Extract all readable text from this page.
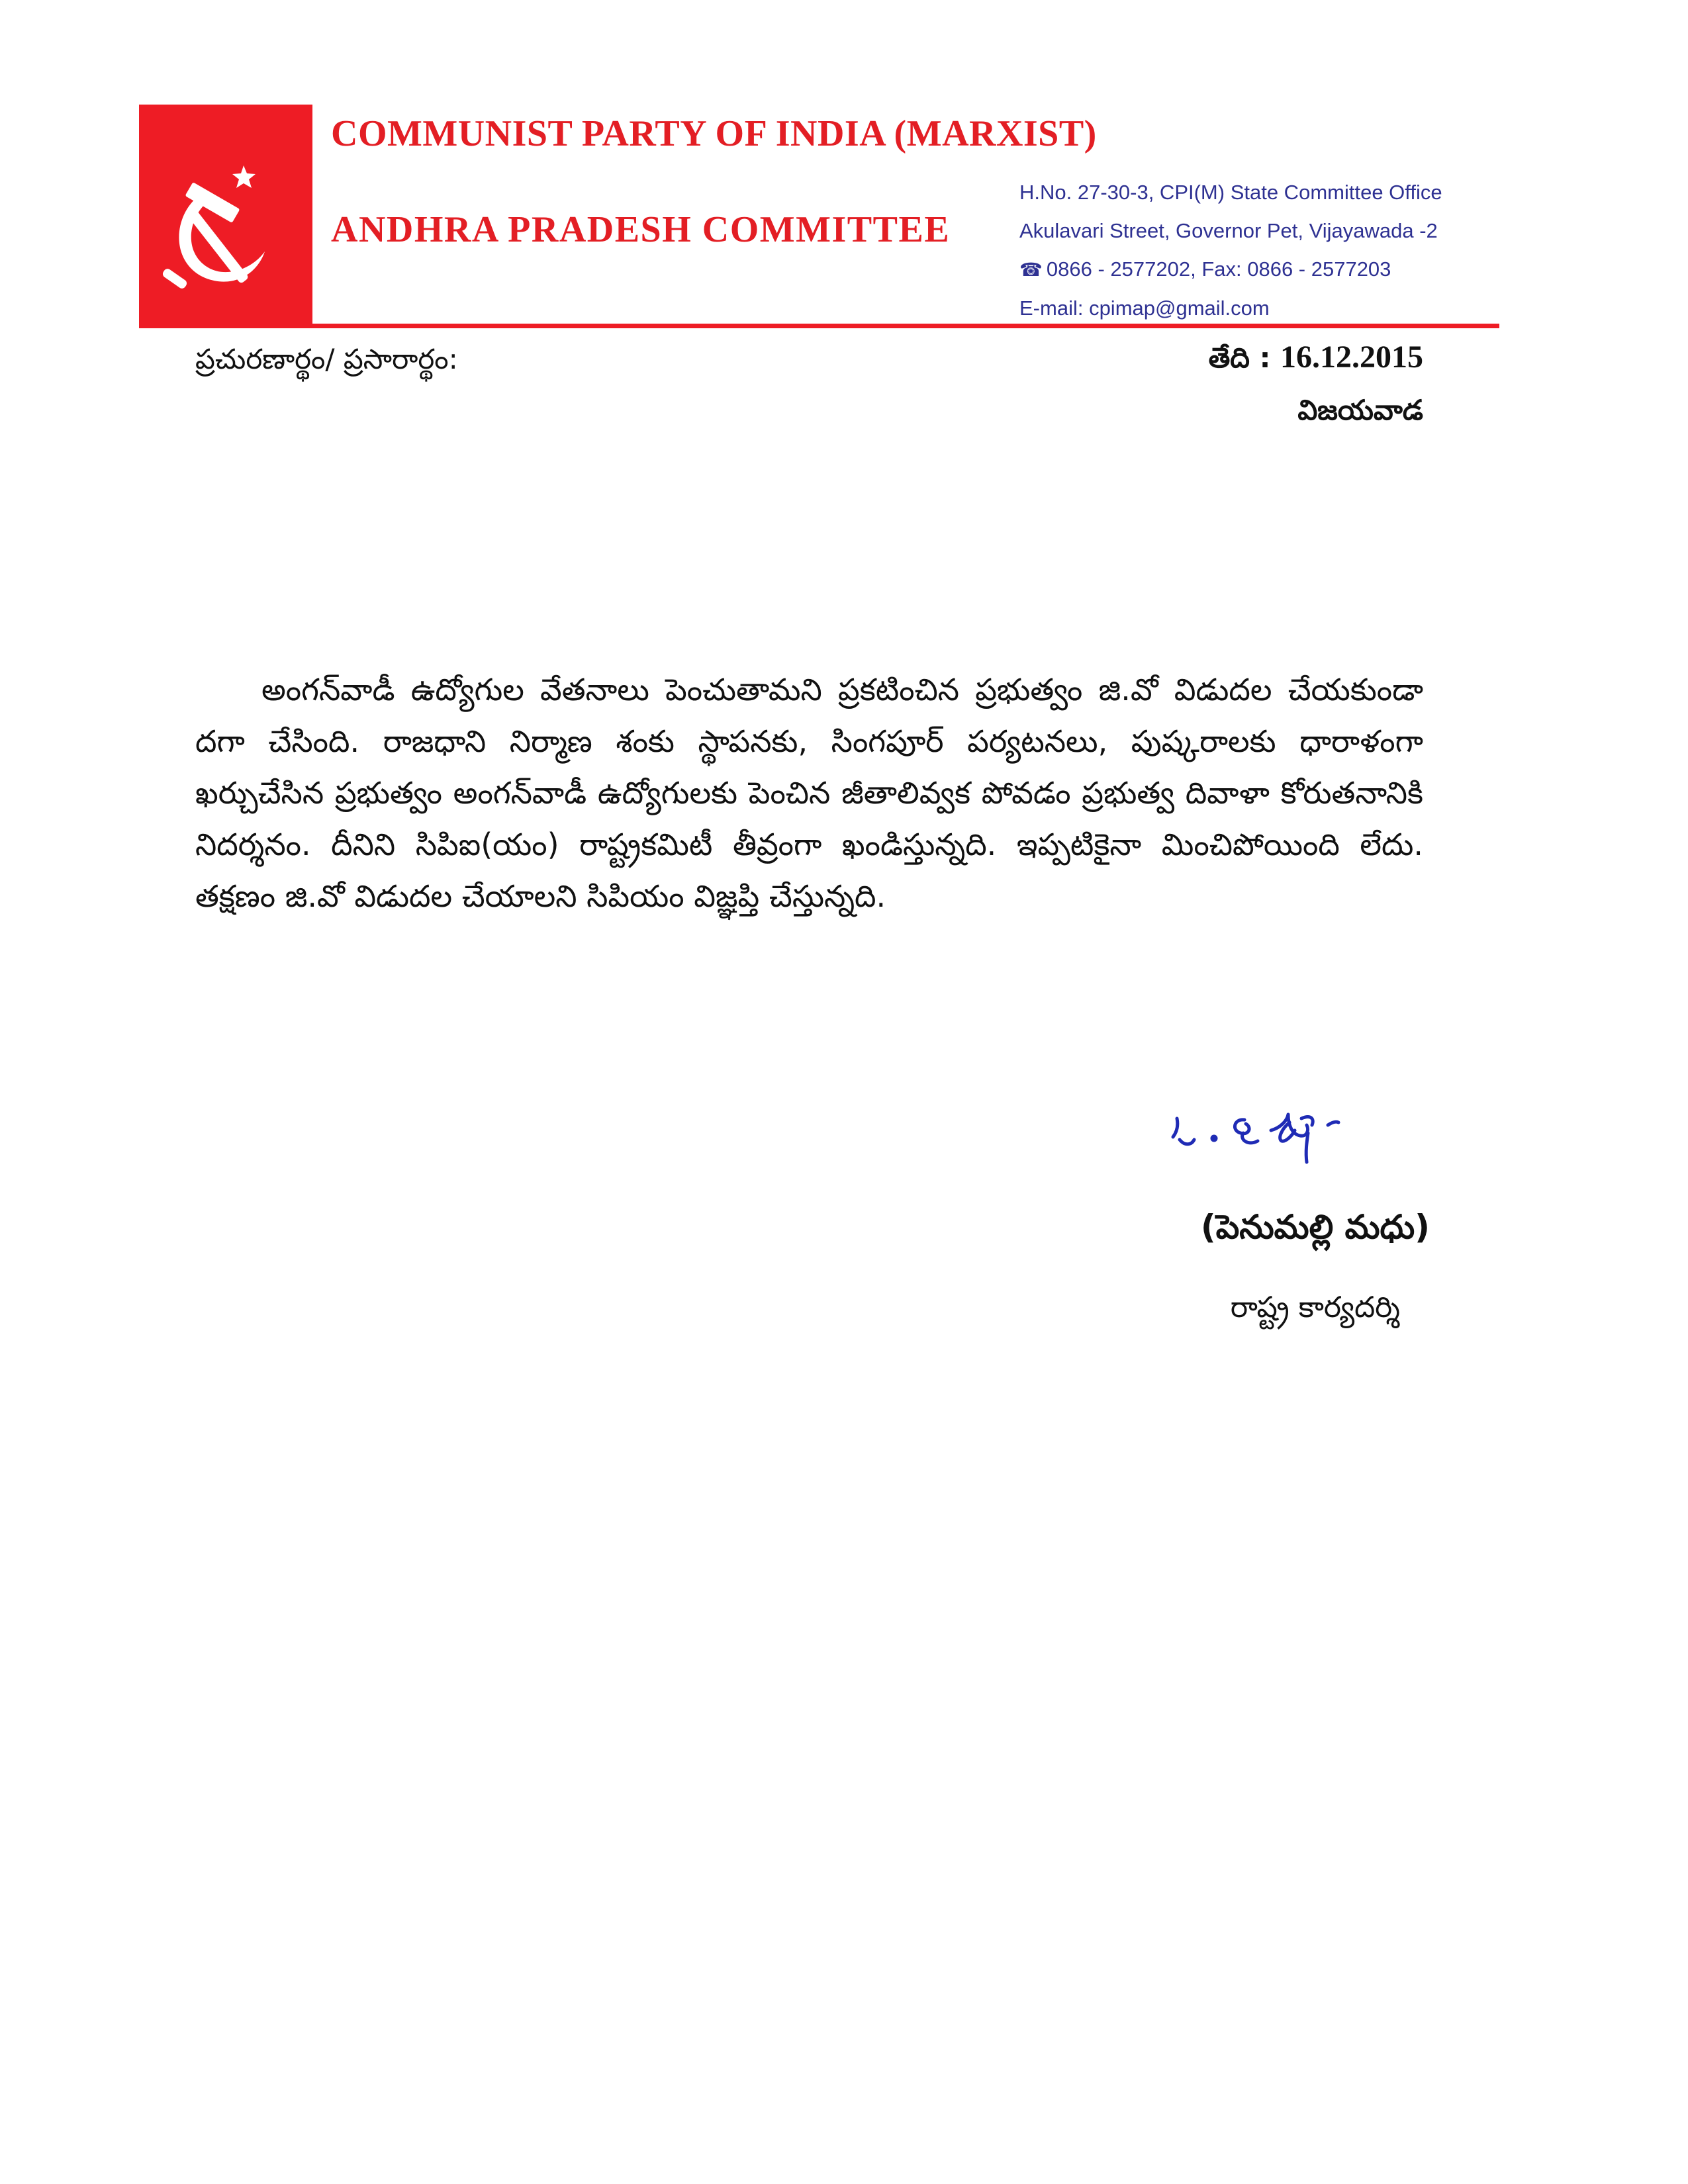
COMMUNIST PARTY OF INDIA (MARXIST)
ANDHRA PRADESH COMMITTEE
H.No. 27-30-3, CPI(M) State Committee Office
Akulavari Street, Governor Pet, Vijayawada -2
☎ 0866 - 2577202, Fax: 0866 - 2577203
E-mail: cpimap@gmail.com
ప్రచురణార్థం/ ప్రసారార్థం:	తేది : 16.12.2015
విజయవాడ
అంగన్‌వాడీ ఉద్యోగుల వేతనాలు పెంచుతామని ప్రకటించిన ప్రభుత్వం జి.వో విడుదల చేయకుండా దగా చేసింది. రాజధాని నిర్మాణ శంకు స్థాపనకు, సింగపూర్ పర్యటనలు, పుష్కరాలకు ధారాళంగా ఖర్చుచేసిన ప్రభుత్వం అంగన్‌వాడీ ఉద్యోగులకు పెంచిన జీతాలివ్వక పోవడం ప్రభుత్వ దివాళా కోరుతనానికి నిదర్శనం. దీనిని సిపిఐ(యం) రాష్ట్రకమిటీ తీవ్రంగా ఖండిస్తున్నది. ఇప్పటికైనా మించిపోయింది లేదు. తక్షణం జి.వో విడుదల చేయాలని సిపియం విజ్ఞప్తి చేస్తున్నది.
(పెనుమల్లి మధు)
రాష్ట్ర కార్యదర్శి
